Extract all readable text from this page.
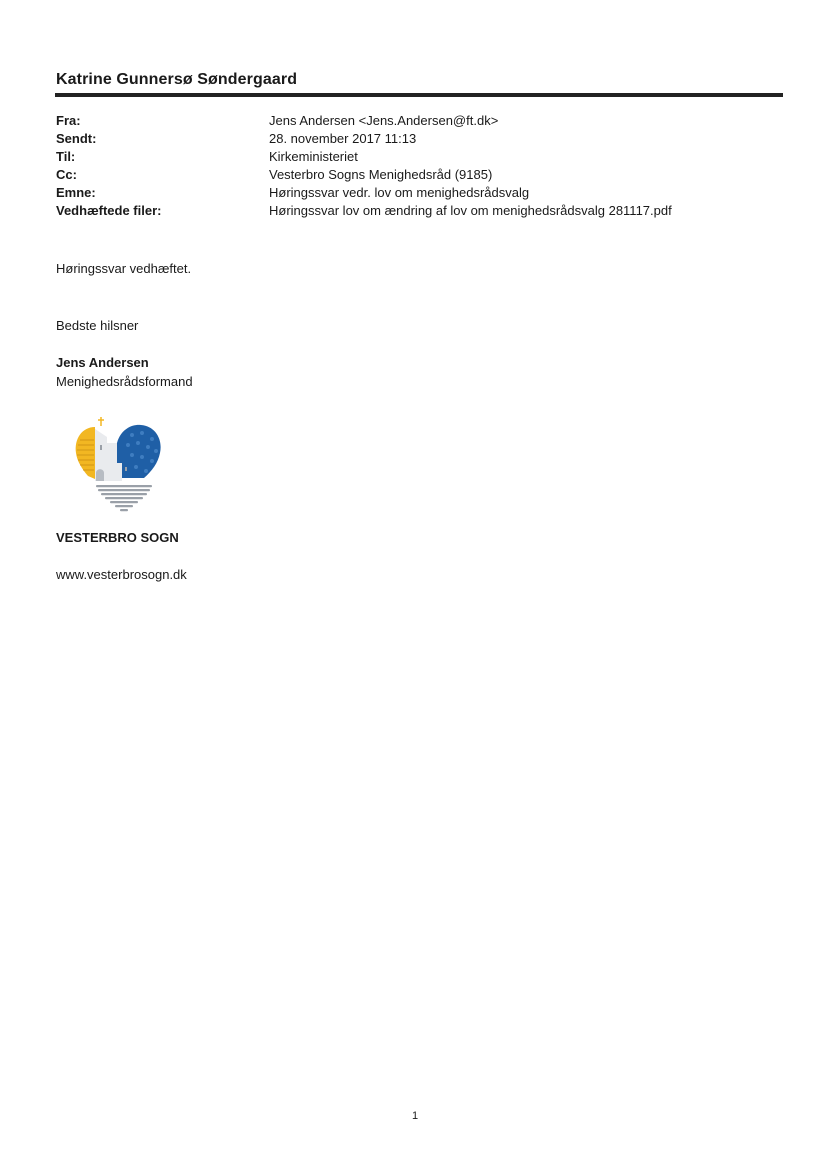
Katrine Gunnersø Søndergaard
Fra:	Jens Andersen <Jens.Andersen@ft.dk>
Sendt:	28. november 2017 11:13
Til:	Kirkeministeriet
Cc:	Vesterbro Sogns Menighedsråd (9185)
Emne:	Høringssvar vedr. lov om menighedsrådsvalg
Vedhæftede filer:	Høringssvar lov om ændring af lov om menighedsrådsvalg 281117.pdf
Høringssvar vedhæftet.
Bedste hilsner
Jens Andersen
Menighedsrådsformand
VESTERBRO SOGN
www.vesterbrosogn.dk
1
